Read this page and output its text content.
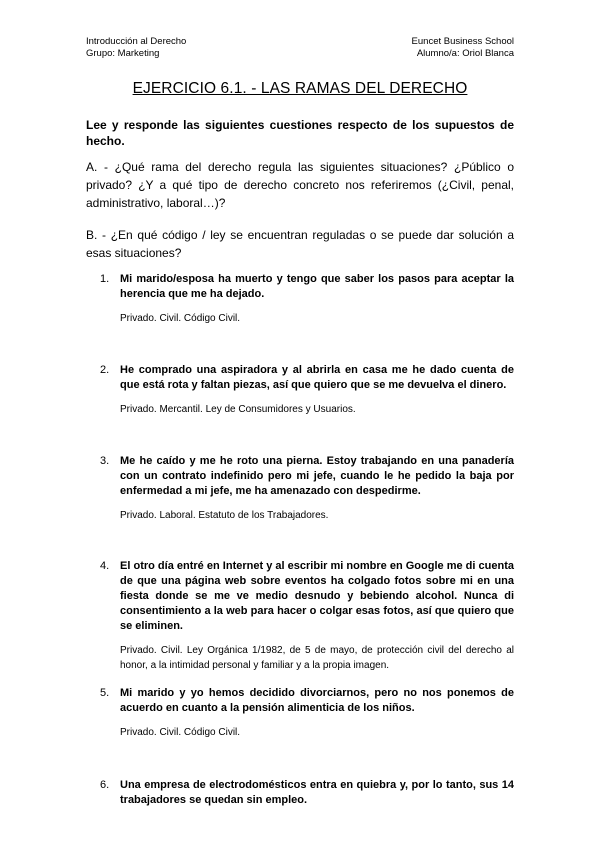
Introducción al Derecho	Euncet Business School
Grupo: Marketing	Alumno/a: Oriol Blanca
EJERCICIO 6.1. - LAS RAMAS DEL DERECHO
Lee y responde las siguientes cuestiones respecto de los supuestos de hecho.
A. - ¿Qué rama del derecho regula las siguientes situaciones? ¿Público o privado? ¿Y a qué tipo de derecho concreto nos referiremos (¿Civil, penal, administrativo, laboral…)?
B. - ¿En qué código / ley se encuentran reguladas o se puede dar solución a esas situaciones?
1. Mi marido/esposa ha muerto y tengo que saber los pasos para aceptar la herencia que me ha dejado.
Privado. Civil. Código Civil.
2. He comprado una aspiradora y al abrirla en casa me he dado cuenta de que está rota y faltan piezas, así que quiero que se me devuelva el dinero.
Privado. Mercantil. Ley de Consumidores y Usuarios.
3. Me he caído y me he roto una pierna. Estoy trabajando en una panadería con un contrato indefinido pero mi jefe, cuando le he pedido la baja por enfermedad a mi jefe, me ha amenazado con despedirme.
Privado. Laboral. Estatuto de los Trabajadores.
4. El otro día entré en Internet y al escribir mi nombre en Google me di cuenta de que una página web sobre eventos ha colgado fotos sobre mi en una fiesta donde se me ve medio desnudo y bebiendo alcohol. Nunca di consentimiento a la web para hacer o colgar esas fotos, así que quiero que se eliminen.
Privado. Civil. Ley Orgánica 1/1982, de 5 de mayo, de protección civil del derecho al honor, a la intimidad personal y familiar y a la propia imagen.
5. Mi marido y yo hemos decidido divorciarnos, pero no nos ponemos de acuerdo en cuanto a la pensión alimenticia de los niños.
Privado. Civil. Código Civil.
6. Una empresa de electrodomésticos entra en quiebra y, por lo tanto, sus 14 trabajadores se quedan sin empleo.
